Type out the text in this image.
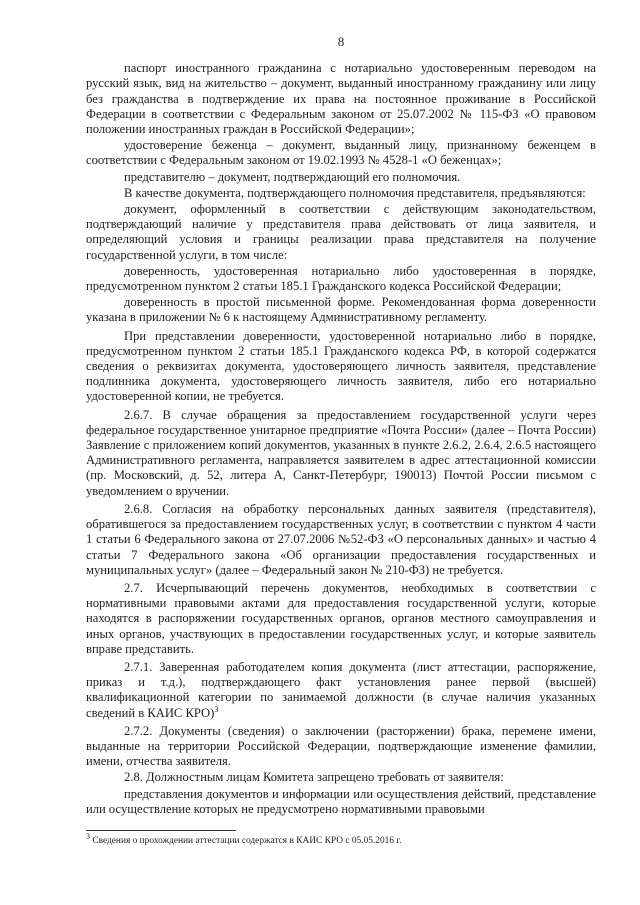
8

паспорт иностранного гражданина с нотариально удостоверенным переводом на русский язык, вид на жительство – документ, выданный иностранному гражданину или лицу без гражданства в подтверждение их права на постоянное проживание в Российской Федерации в соответствии с Федеральным законом от 25.07.2002 № 115-ФЗ «О правовом положении иностранных граждан в Российской Федерации»;

удостоверение беженца – документ, выданный лицу, признанному беженцем в соответствии с Федеральным законом от 19.02.1993 № 4528-1 «О беженцах»;

представителю – документ, подтверждающий его полномочия.

В качестве документа, подтверждающего полномочия представителя, предъявляются:

документ, оформленный в соответствии с действующим законодательством, подтверждающий наличие у представителя права действовать от лица заявителя, и определяющий условия и границы реализации права представителя на получение государственной услуги, в том числе:

доверенность, удостоверенная нотариально либо удостоверенная в порядке, предусмотренном пунктом 2 статьи 185.1 Гражданского кодекса Российской Федерации;

доверенность в простой письменной форме. Рекомендованная форма доверенности указана в приложении № 6 к настоящему Административному регламенту.

При представлении доверенности, удостоверенной нотариально либо в порядке, предусмотренном пунктом 2 статьи 185.1 Гражданского кодекса РФ, в которой содержатся сведения о реквизитах документа, удостоверяющего личность заявителя, представление подлинника документа, удостоверяющего личность заявителя, либо его нотариально удостоверенной копии, не требуется.

2.6.7. В случае обращения за предоставлением государственной услуги через федеральное государственное унитарное предприятие «Почта России» (далее – Почта России) Заявление с приложением копий документов, указанных в пункте 2.6.2, 2.6.4, 2.6.5 настоящего Административного регламента, направляется заявителем в адрес аттестационной комиссии (пр. Московский, д. 52, литера А, Санкт-Петербург, 190013) Почтой России письмом с уведомлением о вручении.

2.6.8. Согласия на обработку персональных данных заявителя (представителя), обратившегося за предоставлением государственных услуг, в соответствии с пунктом 4 части 1 статьи 6 Федерального закона от 27.07.2006 №52-ФЗ «О персональных данных» и частью 4 статьи 7 Федерального закона «Об организации предоставления государственных и муниципальных услуг» (далее – Федеральный закон № 210-ФЗ) не требуется.

2.7. Исчерпывающий перечень документов, необходимых в соответствии с нормативными правовыми актами для предоставления государственной услуги, которые находятся в распоряжении государственных органов, органов местного самоуправления и иных органов, участвующих в предоставлении государственных услуг, и которые заявитель вправе представить.

2.7.1. Заверенная работодателем копия документа (лист аттестации, распоряжение, приказ и т.д.), подтверждающего факт установления ранее первой (высшей) квалификационной категории по занимаемой должности (в случае наличия указанных сведений в КАИС КРО)$^3$

2.7.2. Документы (сведения) о заключении (расторжении) брака, перемене имени, выданные на территории Российской Федерации, подтверждающие изменение фамилии, имени, отчества заявителя.

2.8. Должностным лицам Комитета запрещено требовать от заявителя:

представления документов и информации или осуществления действий, представление или осуществление которых не предусмотрено нормативными правовыми

$^3$ Сведения о прохождении аттестации содержатся в КАИС КРО с 05.05.2016 г.
